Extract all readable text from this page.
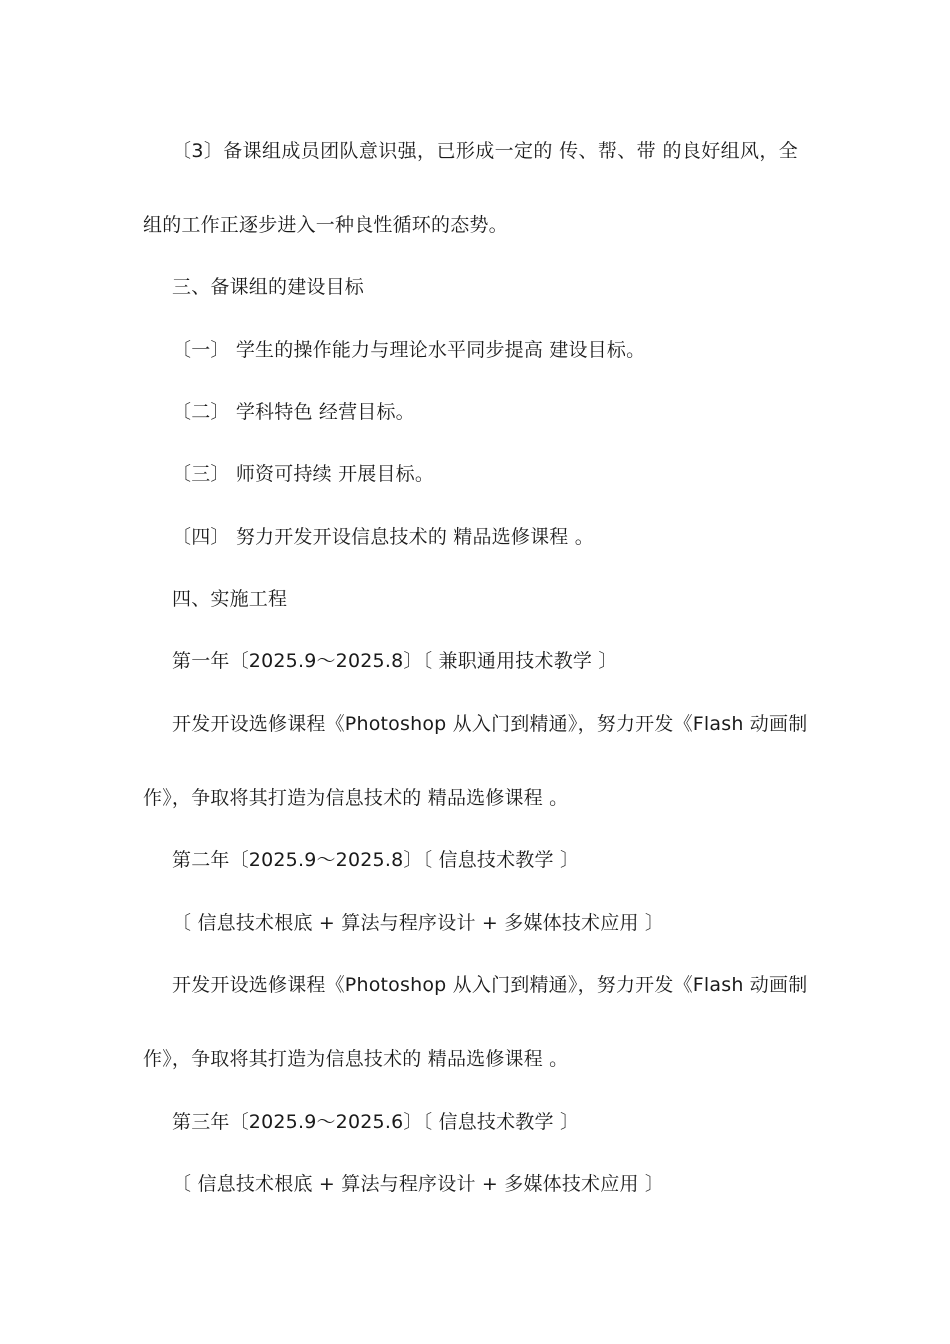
〔3〕备课组成员团队意识强，已形成一定的 传、帮、带 的良好组风，全
组的工作正逐步进入一种良性循环的态势。
三、备课组的建设目标
〔一〕 学生的操作能力与理论水平同步提高 建设目标。
〔二〕 学科特色 经营目标。
〔三〕 师资可持续 开展目标。
〔四〕 努力开发开设信息技术的 精品选修课程 。
四、实施工程
第一年〔2025.9～2025.8〕〔 兼职通用技术教学 〕
开发开设选修课程《Photoshop 从入门到精通》，努力开发《Flash 动画制
作》，争取将其打造为信息技术的 精品选修课程 。
第二年〔2025.9～2025.8〕〔 信息技术教学 〕
〔 信息技术根底 + 算法与程序设计 + 多媒体技术应用 〕
开发开设选修课程《Photoshop 从入门到精通》，努力开发《Flash 动画制
作》，争取将其打造为信息技术的 精品选修课程 。
第三年〔2025.9～2025.6〕〔 信息技术教学 〕
〔 信息技术根底 + 算法与程序设计 + 多媒体技术应用 〕
